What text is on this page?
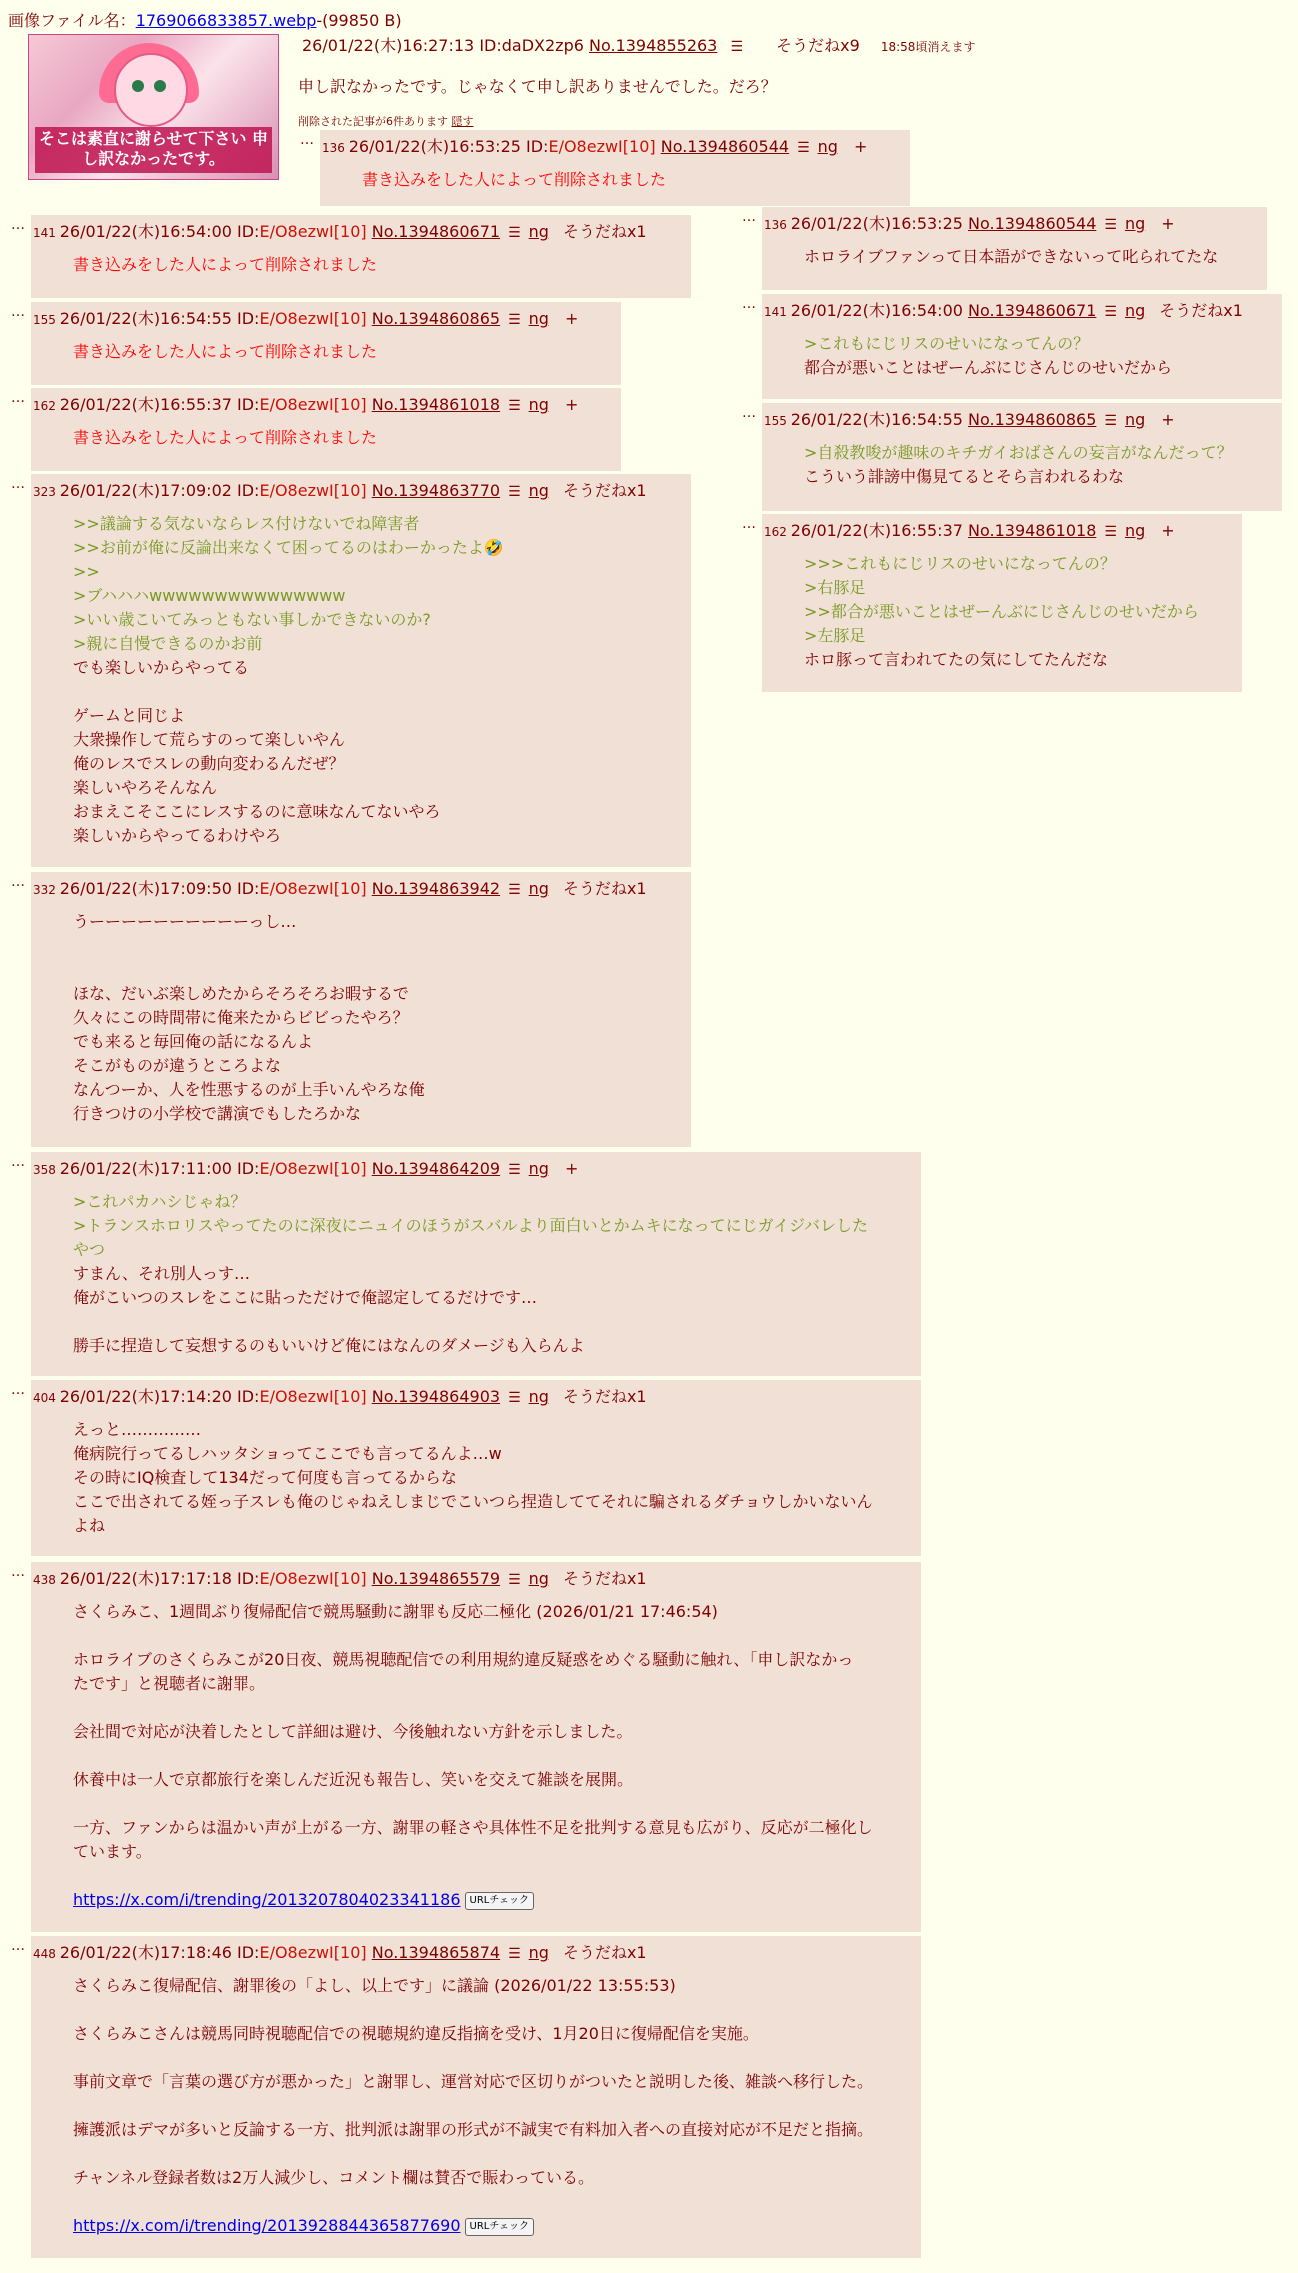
画像ファイル名：1769066833857.webp-(99850 B)
そこは素直に謝らせて下さい 申し訳なかったです。
26/01/22(木)16:27:13 ID:daDX2zp6 No.1394855263 ☰ そうだねx9 18:58頃消えます
申し訳なかったです。じゃなくて申し訳ありませんでした。だろ？
削除された記事が6件あります 隠す
… 136 26/01/22(木)16:53:25 ID:E/O8ezwI[10] No.1394860544 ☰ ng +
書き込みをした人によって削除されました
… 141 26/01/22(木)16:54:00 ID:E/O8ezwI[10] No.1394860671 ☰ ng そうだねx1
書き込みをした人によって削除されました
… 155 26/01/22(木)16:54:55 ID:E/O8ezwI[10] No.1394860865 ☰ ng +
書き込みをした人によって削除されました
… 162 26/01/22(木)16:55:37 ID:E/O8ezwI[10] No.1394861018 ☰ ng +
書き込みをした人によって削除されました
… 323 26/01/22(木)17:09:02 ID:E/O8ezwI[10] No.1394863770 ☰ ng そうだねx1
>>議論する気ないならレス付けないでね障害者
>>お前が俺に反論出来なくて困ってるのはわーかったよ🤣
>>
>ブハハハwwwwwwwwwwwwwww
>いい歳こいてみっともない事しかできないのか?
>親に自慢できるのかお前
でも楽しいからやってる

ゲームと同じよ
大衆操作して荒らすのって楽しいやん
俺のレスでスレの動向変わるんだぜ？
楽しいやろそんなん
おまえこそここにレスするのに意味なんてないやろ
楽しいからやってるわけやろ
… 332 26/01/22(木)17:09:50 ID:E/O8ezwI[10] No.1394863942 ☰ ng そうだねx1
うーーーーーーーーーーっし…

ほな、だいぶ楽しめたからそろそろお暇するで
久々にこの時間帯に俺来たからビビったやろ？
でも来ると毎回俺の話になるんよ
そこがものが違うところよな
なんつーか、人を性悪するのが上手いんやろな俺
行きつけの小学校で講演でもしたろかな
… 358 26/01/22(木)17:11:00 ID:E/O8ezwI[10] No.1394864209 ☰ ng +
>これパカハシじゃね？
>トランスホロリスやってたのに深夜にニュイのほうがスバルより面白いとかムキになってにじガイジバレした
やつ
すまん、それ別人っす…
俺がこいつのスレをここに貼っただけで俺認定してるだけです…

勝手に捏造して妄想するのもいいけど俺にはなんのダメージも入らんよ
… 404 26/01/22(木)17:14:20 ID:E/O8ezwI[10] No.1394864903 ☰ ng そうだねx1
えっと……………
俺病院行ってるしハッタショってここでも言ってるんよ…w
その時にIQ検査して134だって何度も言ってるからな
ここで出されてる姪っ子スレも俺のじゃねえしまじでこいつら捏造しててそれに騙されるダチョウしかいないん
よね
… 438 26/01/22(木)17:17:18 ID:E/O8ezwI[10] No.1394865579 ☰ ng そうだねx1
さくらみこ、1週間ぶり復帰配信で競馬騒動に謝罪も反応二極化 (2026/01/21 17:46:54)

ホロライブのさくらみこが20日夜、競馬視聴配信での利用規約違反疑惑をめぐる騒動に触れ、「申し訳なかっ
たです」と視聴者に謝罪。

会社間で対応が決着したとして詳細は避け、今後触れない方針を示しました。

休養中は一人で京都旅行を楽しんだ近況も報告し、笑いを交えて雑談を展開。

一方、ファンからは温かい声が上がる一方、謝罪の軽さや具体性不足を批判する意見も広がり、反応が二極化し
ています。

https://x.com/i/trending/2013207804023341186 URLチェック
… 448 26/01/22(木)17:18:46 ID:E/O8ezwI[10] No.1394865874 ☰ ng そうだねx1
さくらみこ復帰配信、謝罪後の「よし、以上です」に議論 (2026/01/22 13:55:53)

さくらみこさんは競馬同時視聴配信での視聴規約違反指摘を受け、1月20日に復帰配信を実施。

事前文章で「言葉の選び方が悪かった」と謝罪し、運営対応で区切りがついたと説明した後、雑談へ移行した。

擁護派はデマが多いと反論する一方、批判派は謝罪の形式が不誠実で有料加入者への直接対応が不足だと指摘。

チャンネル登録者数は2万人減少し、コメント欄は賛否で賑わっている。

https://x.com/i/trending/2013928844365877690 URLチェック
… 136 26/01/22(木)16:53:25 No.1394860544 ☰ ng +
ホロライブファンって日本語ができないって叱られてたな
… 141 26/01/22(木)16:54:00 No.1394860671 ☰ ng そうだねx1
>これもにじリスのせいになってんの？
都合が悪いことはぜーんぶにじさんじのせいだから
… 155 26/01/22(木)16:54:55 No.1394860865 ☰ ng +
>自殺教唆が趣味のキチガイおばさんの妄言がなんだって？
こういう誹謗中傷見てるとそら言われるわな
… 162 26/01/22(木)16:55:37 No.1394861018 ☰ ng +
>>>これもにじリスのせいになってんの？
>右豚足
>>都合が悪いことはぜーんぶにじさんじのせいだから
>左豚足
ホロ豚って言われてたの気にしてたんだな
